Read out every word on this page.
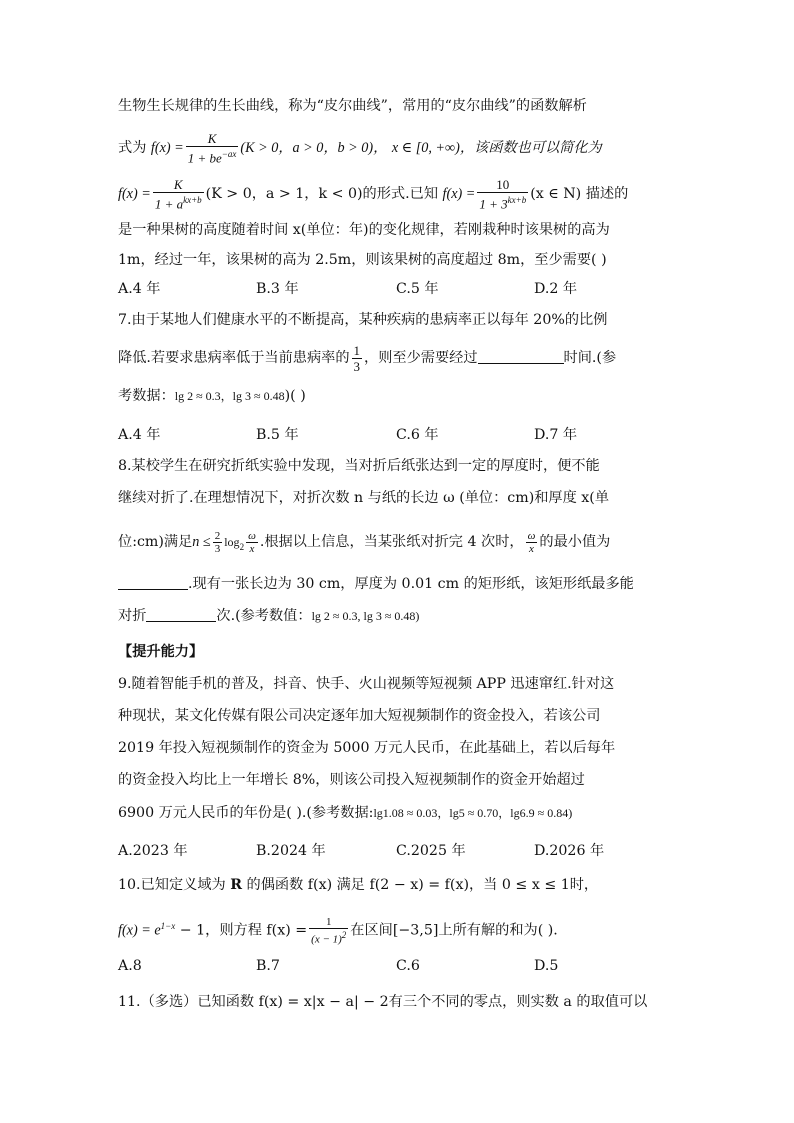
生物生长规律的生长曲线，称为“皮尔曲线”，常用的“皮尔曲线”的函数解析
式为 $f(x) = \frac{K}{1 + be^{-ax}} (K > 0$，a > 0，b > 0)， x ∈ [0, +∞)，该函数也可以简化为
$f(x) = \frac{K}{1 + a^{kx+b}} (K > 0$，a > 1，k < 0)的形式.已知 $f(x) = \frac{10}{1 + 3^{kx+b}} (x$ ∈ N) 描述的
是一种果树的高度随着时间 x(单位：年)的变化规律，若刚栽种时该果树的高为
1m，经过一年，该果树的高为 2.5m，则该果树的高度超过 8m，至少需要( )
A.4 年	B.3 年	C.5 年	D.2 年
7.由于某地人们健康水平的不断提高，某种疾病的患病率正以每年 20%的比例
降低.若要求患病率低于当前患病率的 $\frac{1}{3}$ ，则至少需要经过	时间.(参
考数据：lg 2 ≈ 0.3，lg 3 ≈ 0.48)( )
A.4 年	B.5 年	C.6 年	D.7 年
8.某校学生在研究折纸实验中发现，当对折后纸张达到一定的厚度时，便不能
继续对折了.在理想情况下，对折次数 n 与纸的长边 ω (单位：cm)和厚度 x(单
位:cm)满足$n \le \frac{2}{3} \log_2 \frac{\omega}{x}$ .根据以上信息，当某张纸对折完 4 次时， $\frac{\omega}{x}$ 的最小值为
.现有一张长边为 30 cm，厚度为 0.01 cm 的矩形纸，该矩形纸最多能
对折	次.(参考数值：lg 2 ≈ 0.3, lg 3 ≈ 0.48)
【提升能力】
9.随着智能手机的普及，抖音、快手、火山视频等短视频 APP 迅速窜红.针对这
种现状，某文化传媒有限公司决定逐年加大短视频制作的资金投入，若该公司
2019 年投入短视频制作的资金为 5000 万元人民币，在此基础上，若以后每年
的资金投入均比上一年增长 8%，则该公司投入短视频制作的资金开始超过
6900 万元人民币的年份是( ).(参考数据:lg1.08 ≈ 0.03，lg5 ≈ 0.70，lg6.9 ≈ 0.84)
A.2023 年	B.2024 年	C.2025 年	D.2026 年
10.已知定义域为 R 的偶函数 f(x) 满足 f(2 − x) = f(x)，当 0 ≤ x ≤ 1时，
$f(x) = e^{1-x} - 1$，则方程 $f(x) = \frac{1}{(x - 1)^2}$ 在区间[−3,5]上所有解的和为( ).
A.8	B.7	C.6	D.5
11.（多选）已知函数 f(x) = x|x − a| − 2有三个不同的零点，则实数 a 的取值可以
